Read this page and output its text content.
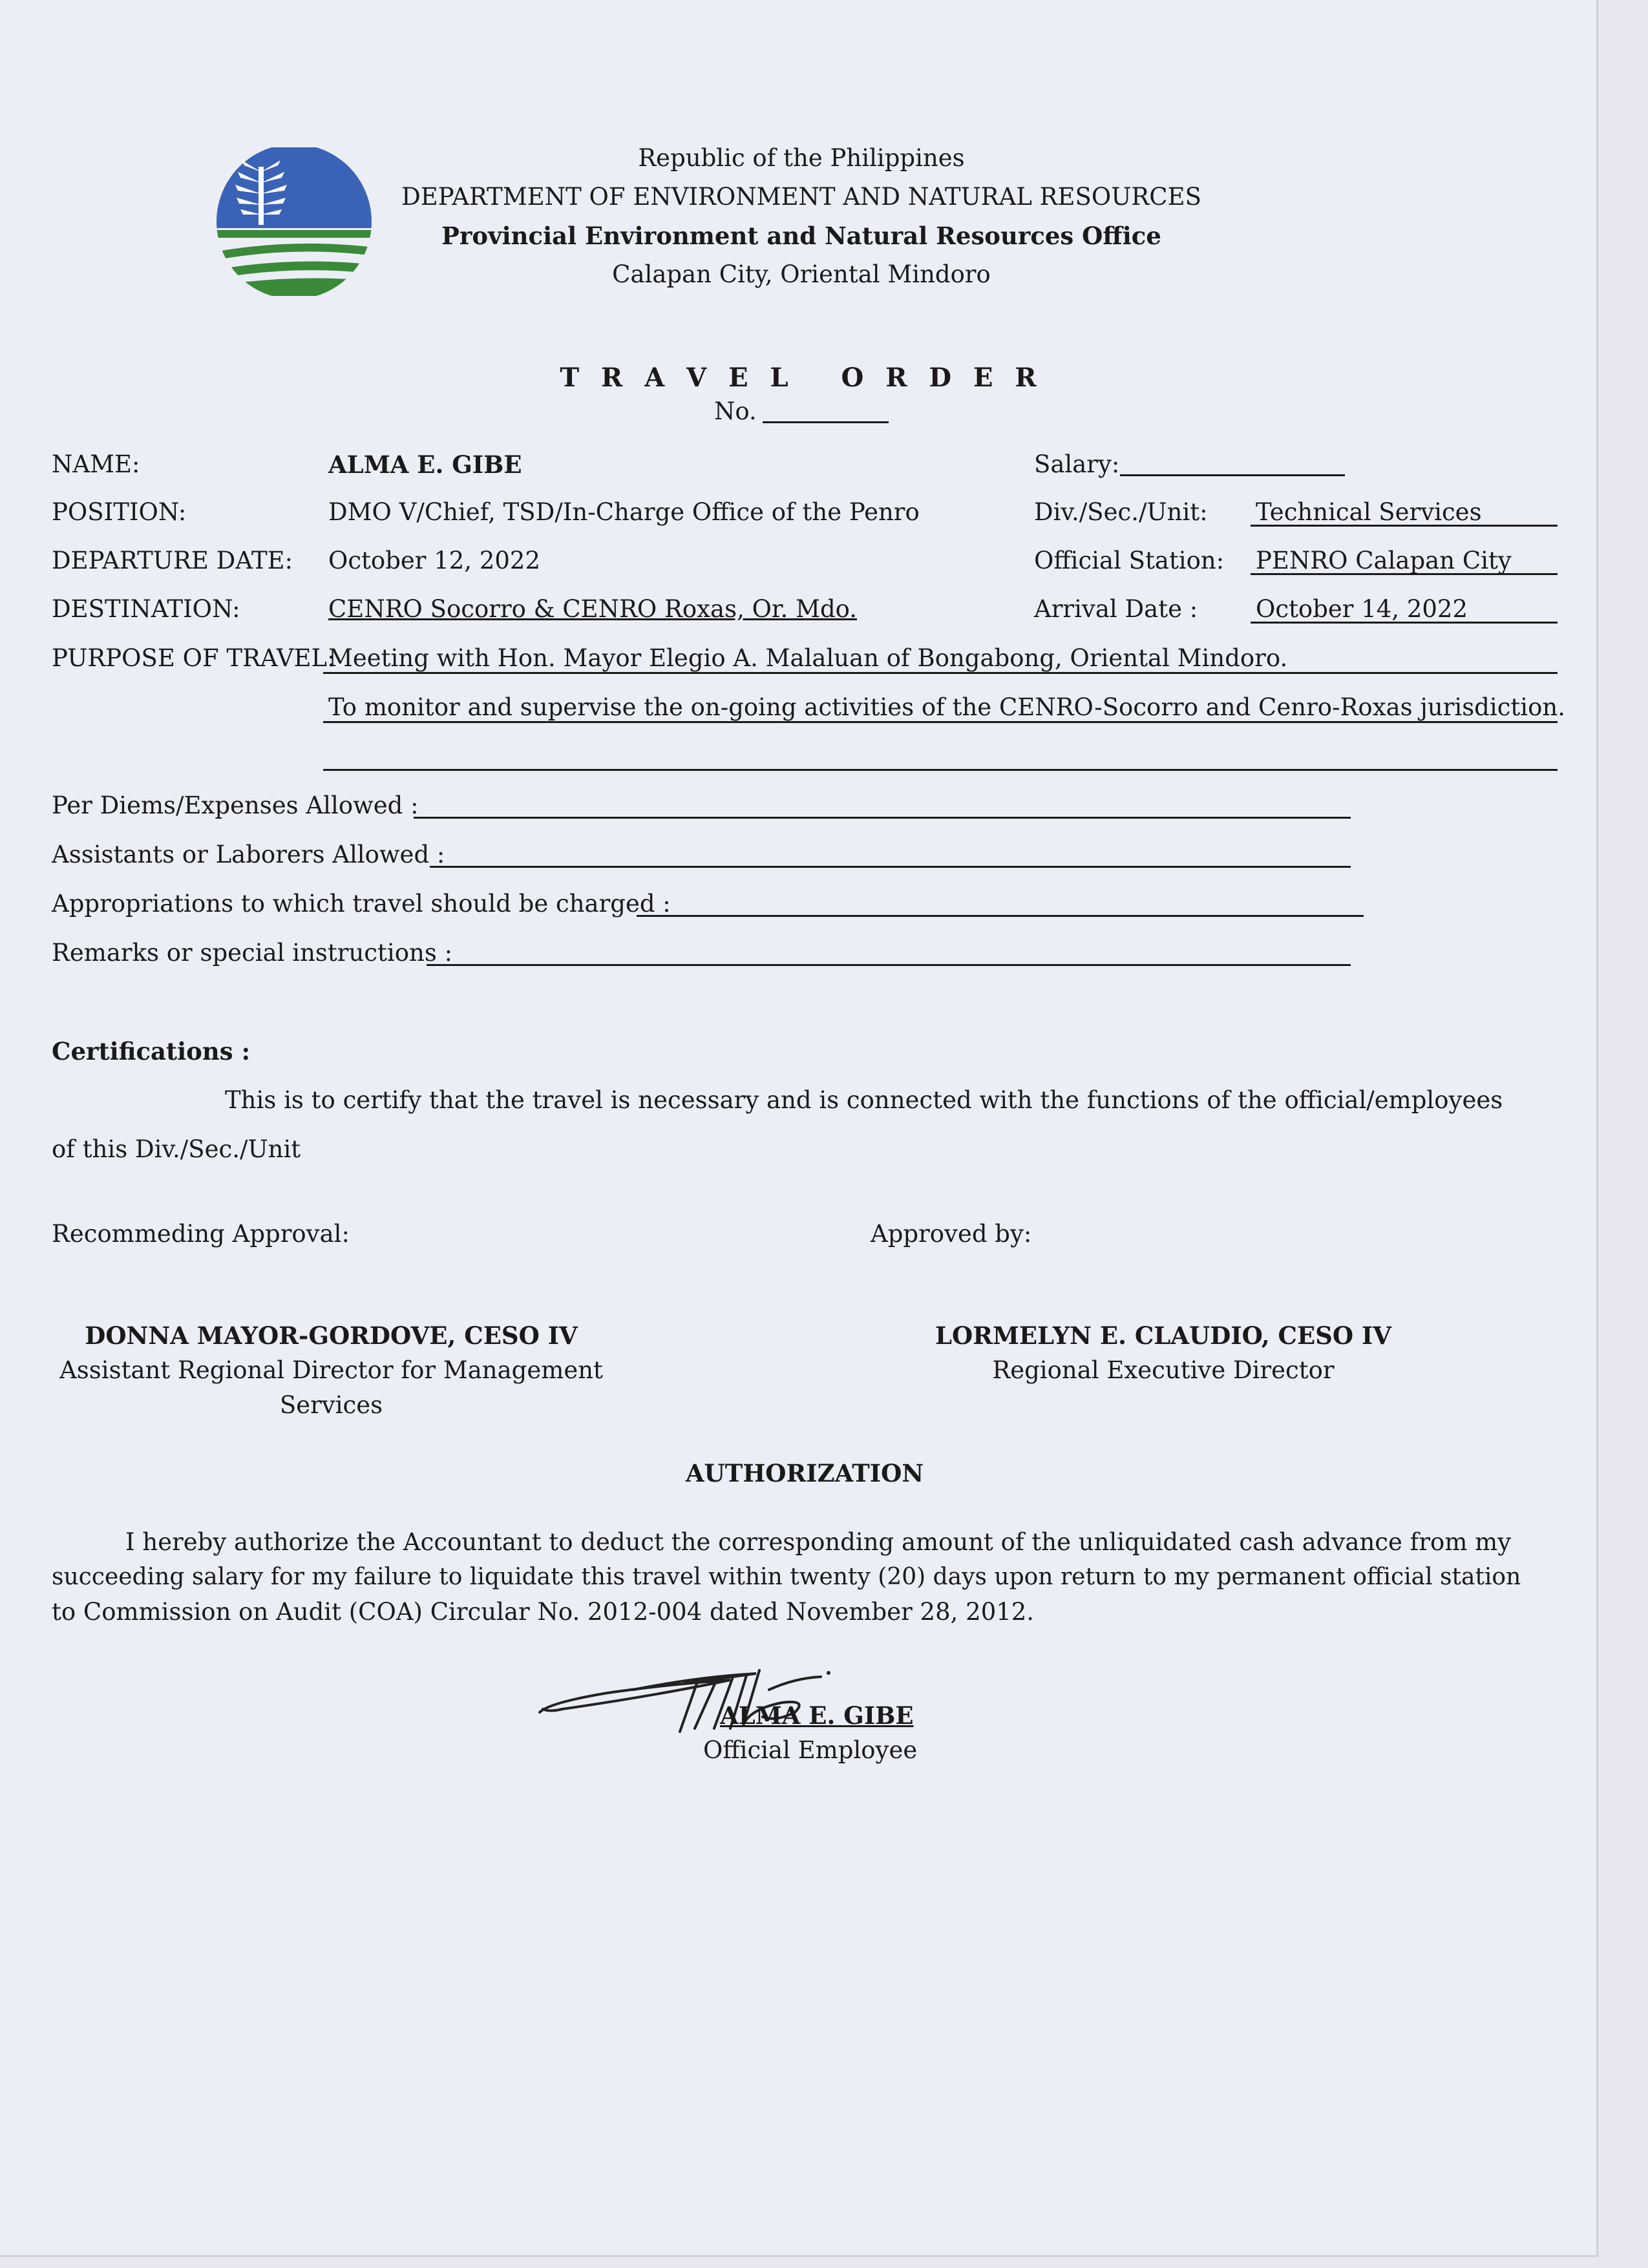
Republic of the Philippines
DEPARTMENT OF ENVIRONMENT AND NATURAL RESOURCES
Provincial Environment and Natural Resources Office
Calapan City, Oriental Mindoro
T R A V E L   O R D E R
No.
NAME:
POSITION:
DEPARTURE DATE:
DESTINATION:
PURPOSE OF TRAVEL:
ALMA E. GIBE
DMO V/Chief, TSD/In-Charge Office of the Penro
October 12, 2022
CENRO Socorro & CENRO Roxas, Or. Mdo.
Meeting with Hon. Mayor Elegio A. Malaluan of Bongabong, Oriental Mindoro.
To monitor and supervise the on-going activities of the CENRO-Socorro and Cenro-Roxas jurisdiction.
Salary:
Div./Sec./Unit: Technical Services
Official Station: PENRO Calapan City
Arrival Date : October 14, 2022
Per Diems/Expenses Allowed :
Assistants or Laborers Allowed :
Appropriations to which travel should be charged :
Remarks or special instructions :
Certifications :
This is to certify that the travel is necessary and is connected with the functions of the official/employees
of this Div./Sec./Unit
Recommeding Approval:	Approved by:
DONNA MAYOR-GORDOVE, CESO IV
Assistant Regional Director for Management
Services
LORMELYN E. CLAUDIO, CESO IV
Regional Executive Director
AUTHORIZATION
I hereby authorize the Accountant to deduct the corresponding amount of the unliquidated cash advance from my
succeeding salary for my failure to liquidate this travel within twenty (20) days upon return to my permanent official station
to Commission on Audit (COA) Circular No. 2012-004 dated November 28, 2012.
ALMA E. GIBE
Official Employee
